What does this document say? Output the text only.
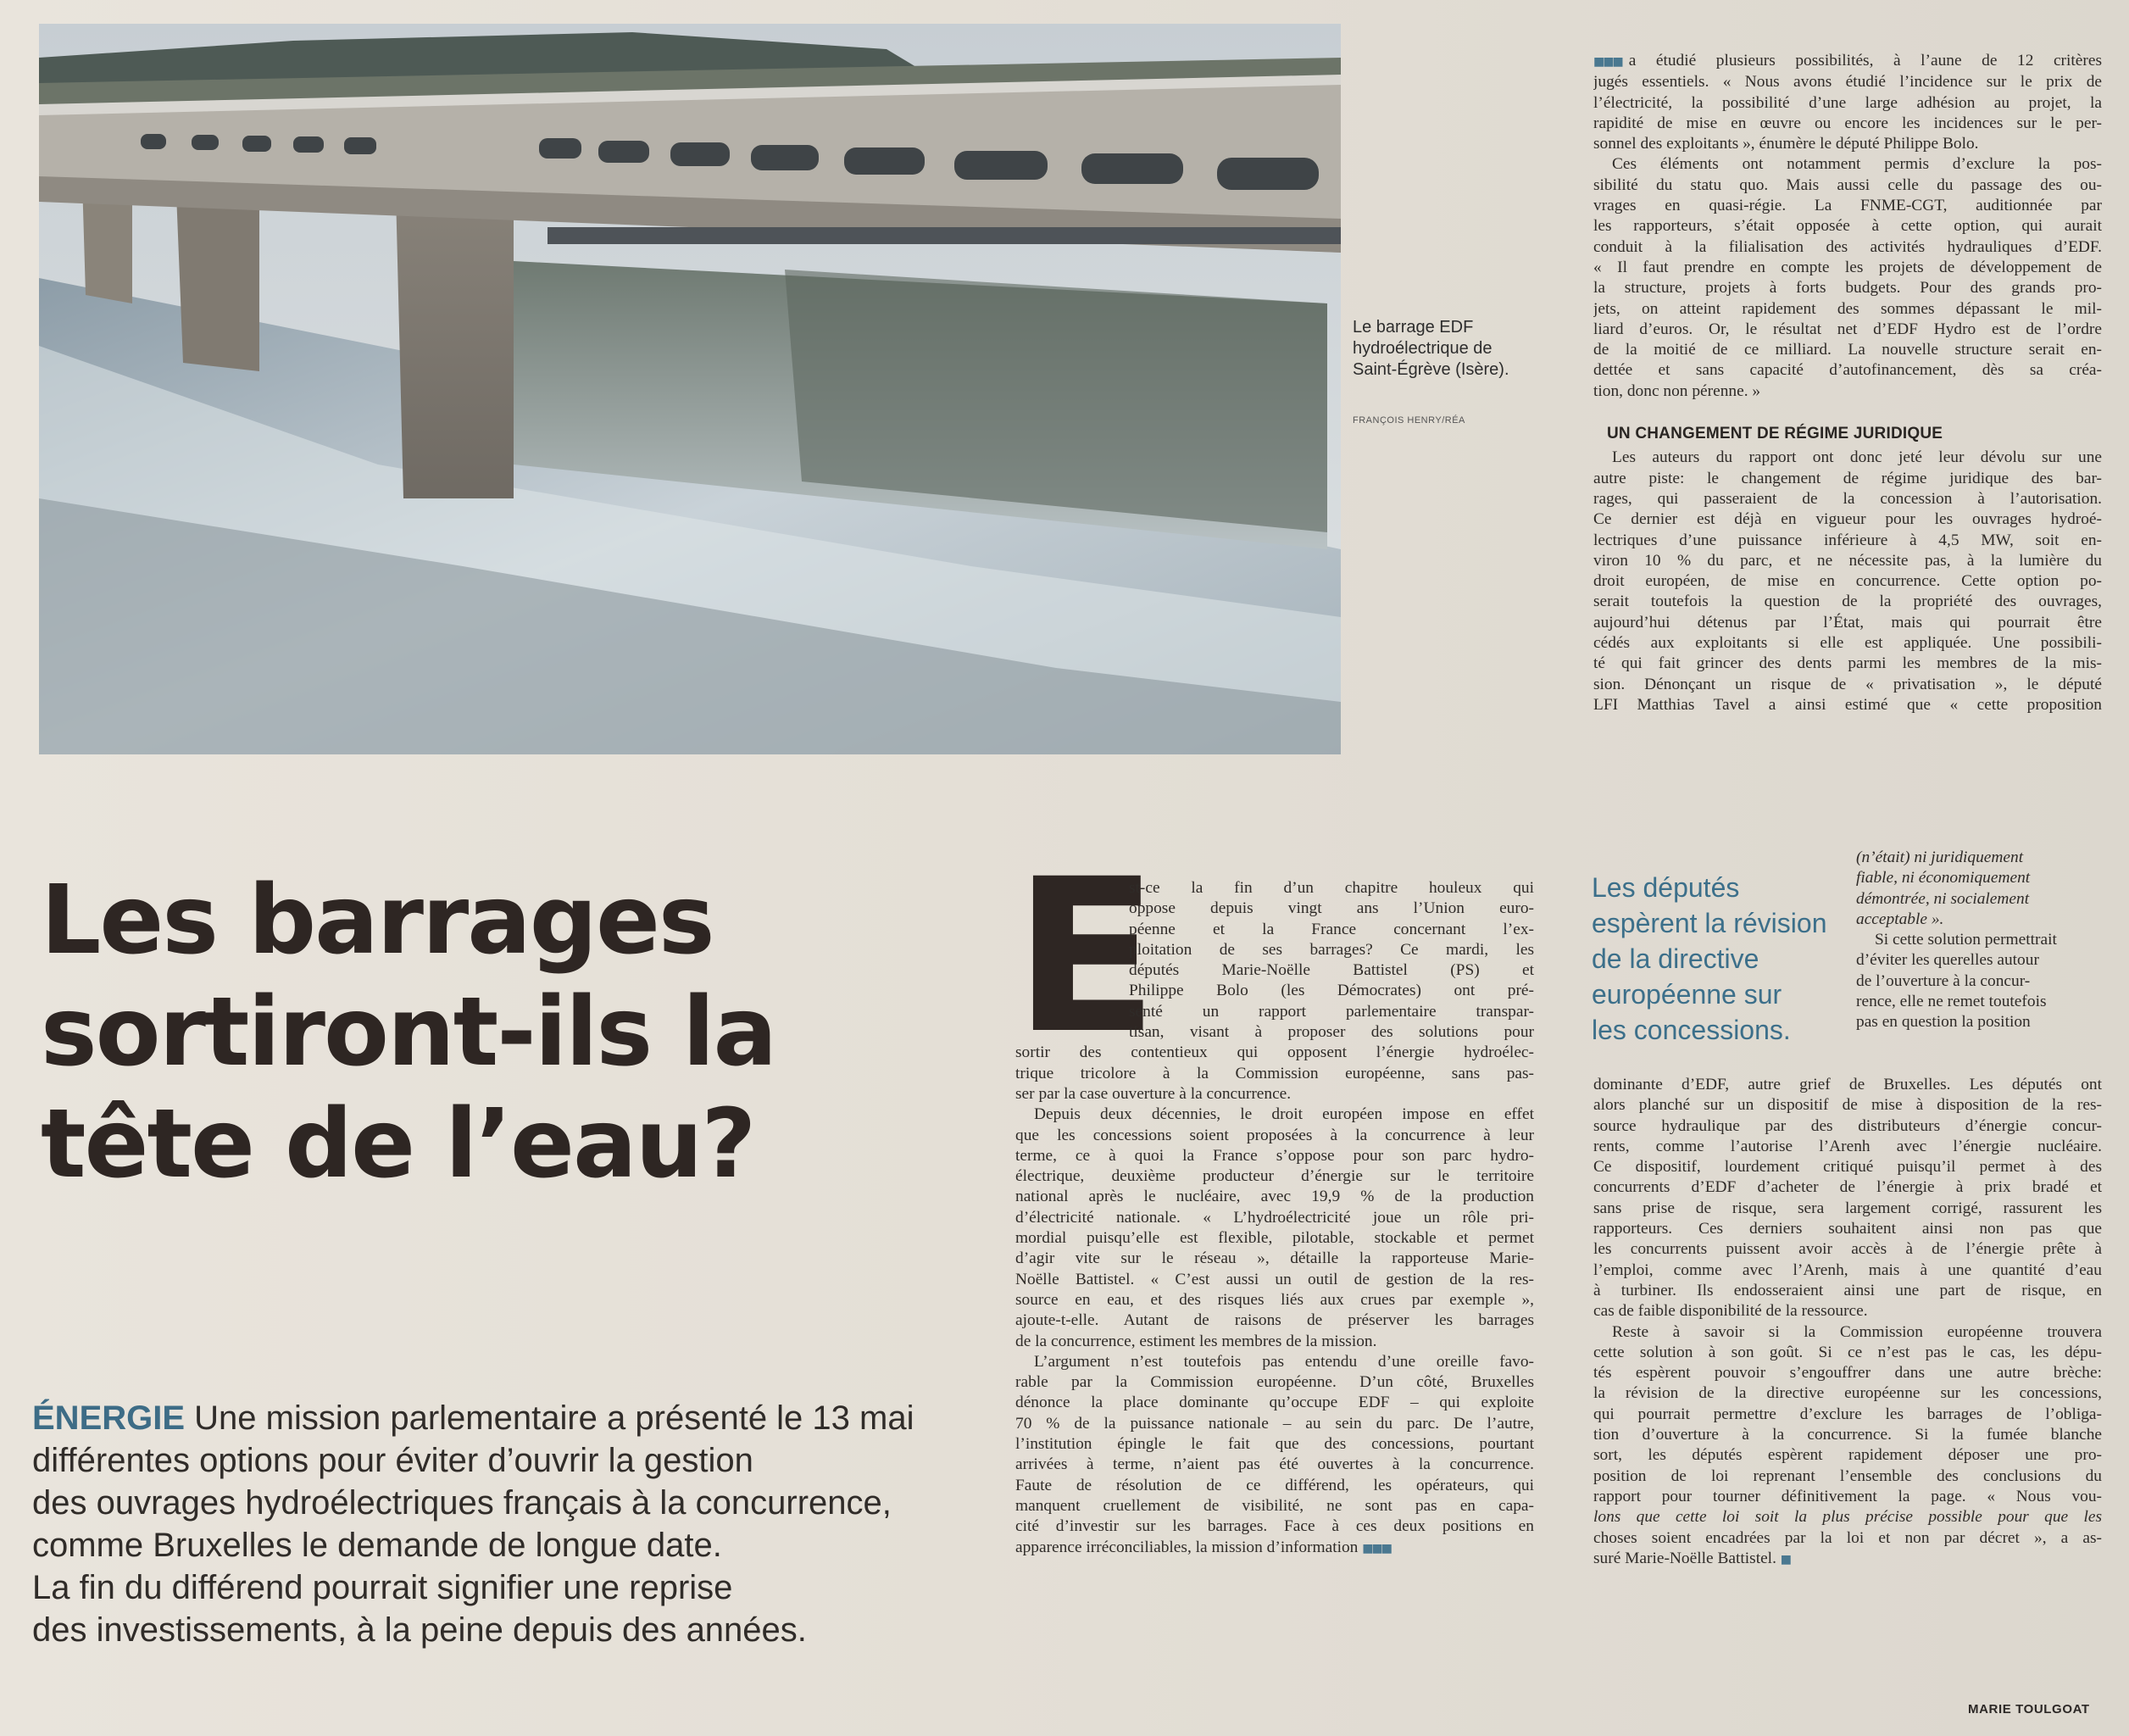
Le barrage EDF hydroélectrique de Saint-Égrève (Isère).
FRANÇOIS HENRY/RÉA
Les barrages
sortiront-ils la
tête de l’eau?
ÉNERGIE Une mission parlementaire a présenté le 13 mai
différentes options pour éviter d’ouvrir la gestion
des ouvrages hydroélectriques français à la concurrence,
comme Bruxelles le demande de longue date.
La fin du différend pourrait signifier une reprise
des investissements, à la peine depuis des années.
E
st-ce la fin d’un chapitre houleux qui
oppose depuis vingt ans l’Union euro-
péenne et la France concernant l’ex-
ploitation de ses barrages? Ce mardi, les
députés Marie-Noëlle Battistel (PS) et
Philippe Bolo (les Démocrates) ont pré-
senté un rapport parlementaire transpar-
tisan, visant à proposer des solutions pour
sortir des contentieux qui opposent l’énergie hydroélec-
trique tricolore à la Commission européenne, sans pas-
ser par la case ouverture à la concurrence.
Depuis deux décennies, le droit européen impose en effet
que les concessions soient proposées à la concurrence à leur
terme, ce à quoi la France s’oppose pour son parc hydro-
électrique, deuxième producteur d’énergie sur le territoire
national après le nucléaire, avec 19,9 % de la production
d’électricité nationale. « L’hydroélectricité joue un rôle pri-
mordial puisqu’elle est flexible, pilotable, stockable et permet
d’agir vite sur le réseau », détaille la rapporteuse Marie-
Noëlle Battistel. « C’est aussi un outil de gestion de la res-
source en eau, et des risques liés aux crues par exemple »,
ajoute-t-elle. Autant de raisons de préserver les barrages
de la concurrence, estiment les membres de la mission.
L’argument n’est toutefois pas entendu d’une oreille favo-
rable par la Commission européenne. D’un côté, Bruxelles
dénonce la place dominante qu’occupe EDF – qui exploite
70 % de la puissance nationale – au sein du parc. De l’autre,
l’institution épingle le fait que des concessions, pourtant
arrivées à terme, n’aient pas été ouvertes à la concurrence.
Faute de résolution de ce différend, les opérateurs, qui
manquent cruellement de visibilité, ne sont pas en capa-
cité d’investir sur les barrages. Face à ces deux positions en
apparence irréconciliables, la mission d’information ■■■
■■■ a étudié plusieurs possibilités, à l’aune de 12 critères
jugés essentiels. « Nous avons étudié l’incidence sur le prix de
l’électricité, la possibilité d’une large adhésion au projet, la
rapidité de mise en œuvre ou encore les incidences sur le per-
sonnel des exploitants », énumère le député Philippe Bolo.
Ces éléments ont notamment permis d’exclure la pos-
sibilité du statu quo. Mais aussi celle du passage des ou-
vrages en quasi-régie. La FNME-CGT, auditionnée par
les rapporteurs, s’était opposée à cette option, qui aurait
conduit à la filialisation des activités hydrauliques d’EDF.
« Il faut prendre en compte les projets de développement de
la structure, projets à forts budgets. Pour des grands pro-
jets, on atteint rapidement des sommes dépassant le mil-
liard d’euros. Or, le résultat net d’EDF Hydro est de l’ordre
de la moitié de ce milliard. La nouvelle structure serait en-
dettée et sans capacité d’autofinancement, dès sa créa-
tion, donc non pérenne. »
UN CHANGEMENT DE RÉGIME JURIDIQUE
Les auteurs du rapport ont donc jeté leur dévolu sur une
autre piste: le changement de régime juridique des bar-
rages, qui passeraient de la concession à l’autorisation.
Ce dernier est déjà en vigueur pour les ouvrages hydroé-
lectriques d’une puissance inférieure à 4,5 MW, soit en-
viron 10 % du parc, et ne nécessite pas, à la lumière du
droit européen, de mise en concurrence. Cette option po-
serait toutefois la question de la propriété des ouvrages,
aujourd’hui détenus par l’État, mais qui pourrait être
cédés aux exploitants si elle est appliquée. Une possibili-
té qui fait grincer des dents parmi les membres de la mis-
sion. Dénonçant un risque de « privatisation », le député
LFI Matthias Tavel a ainsi estimé que « cette proposition
Les députés
espèrent la révision
de la directive
européenne sur
les concessions.
(n’était) ni juridiquement
fiable, ni économiquement
démontrée, ni socialement
acceptable ».
Si cette solution permettrait
d’éviter les querelles autour
de l’ouverture à la concur-
rence, elle ne remet toutefois
pas en question la position
dominante d’EDF, autre grief de Bruxelles. Les députés ont
alors planché sur un dispositif de mise à disposition de la res-
source hydraulique par des distributeurs d’énergie concur-
rents, comme l’autorise l’Arenh avec l’énergie nucléaire.
Ce dispositif, lourdement critiqué puisqu’il permet à des
concurrents d’EDF d’acheter de l’énergie à prix bradé et
sans prise de risque, sera largement corrigé, rassurent les
rapporteurs. Ces derniers souhaitent ainsi non pas que
les concurrents puissent avoir accès à de l’énergie prête à
l’emploi, comme avec l’Arenh, mais à une quantité d’eau
à turbiner. Ils endosseraient ainsi une part de risque, en
cas de faible disponibilité de la ressource.
Reste à savoir si la Commission européenne trouvera
cette solution à son goût. Si ce n’est pas le cas, les dépu-
tés espèrent pouvoir s’engouffrer dans une autre brèche:
la révision de la directive européenne sur les concessions,
qui pourrait permettre d’exclure les barrages de l’obliga-
tion d’ouverture à la concurrence. Si la fumée blanche
sort, les députés espèrent rapidement déposer une pro-
position de loi reprenant l’ensemble des conclusions du
rapport pour tourner définitivement la page. « Nous vou-
lons que cette loi soit la plus précise possible pour que les
choses soient encadrées par la loi et non par décret », a as-
suré Marie-Noëlle Battistel. ■
MARIE TOULGOAT
